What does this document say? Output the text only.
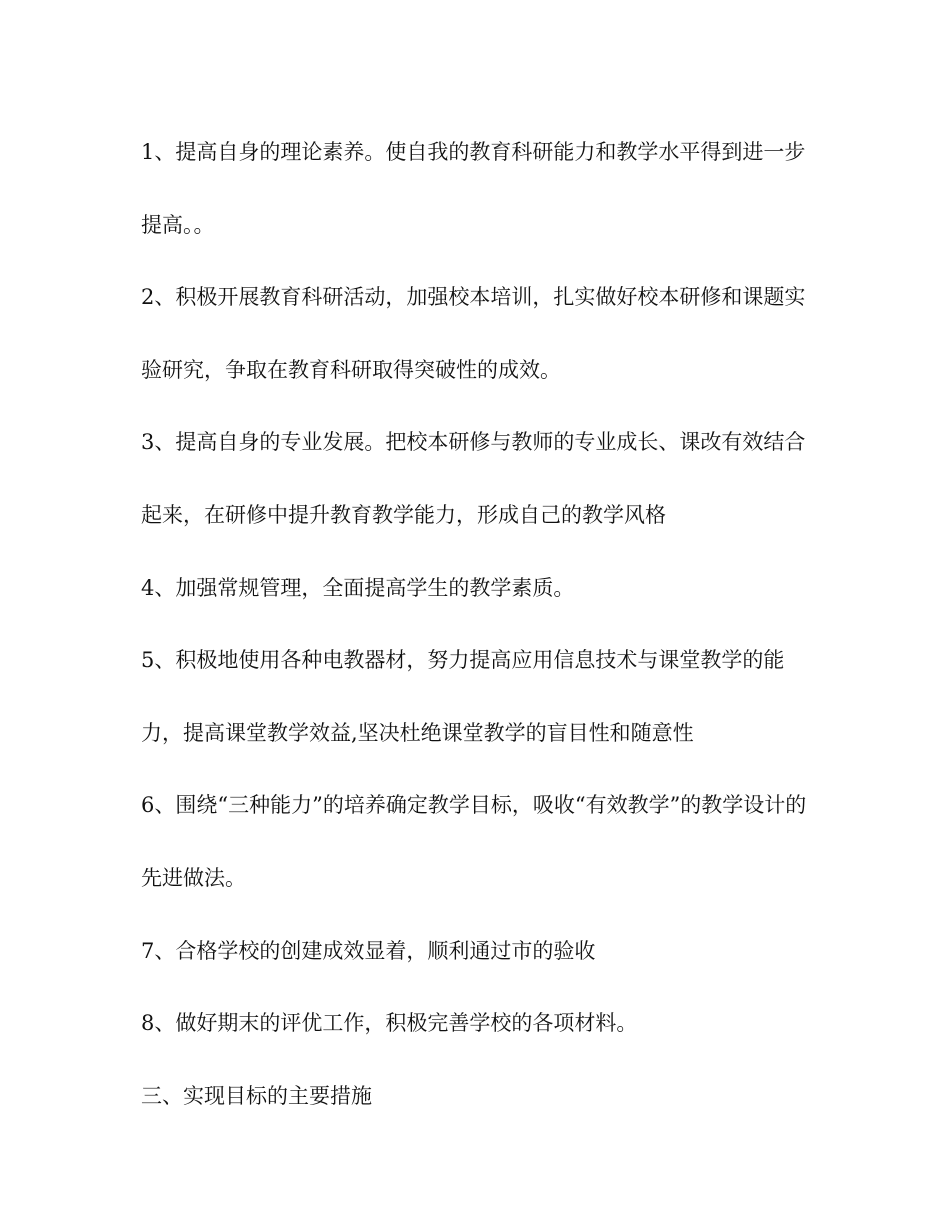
1、提高自身的理论素养。使自我的教育科研能力和教学水平得到进一步提高。。

2、积极开展教育科研活动，加强校本培训，扎实做好校本研修和课题实验研究，争取在教育科研取得突破性的成效。

3、提高自身的专业发展。把校本研修与教师的专业成长、课改有效结合起来，在研修中提升教育教学能力，形成自己的教学风格

4、加强常规管理，全面提高学生的教学素质。

5、积极地使用各种电教器材，努力提高应用信息技术与课堂教学的能力，提高课堂教学效益,坚决杜绝课堂教学的盲目性和随意性

6、围绕“三种能力”的培养确定教学目标，吸收“有效教学”的教学设计的先进做法。

7、合格学校的创建成效显着，顺利通过市的验收

8、做好期末的评优工作，积极完善学校的各项材料。

三、实现目标的主要措施
